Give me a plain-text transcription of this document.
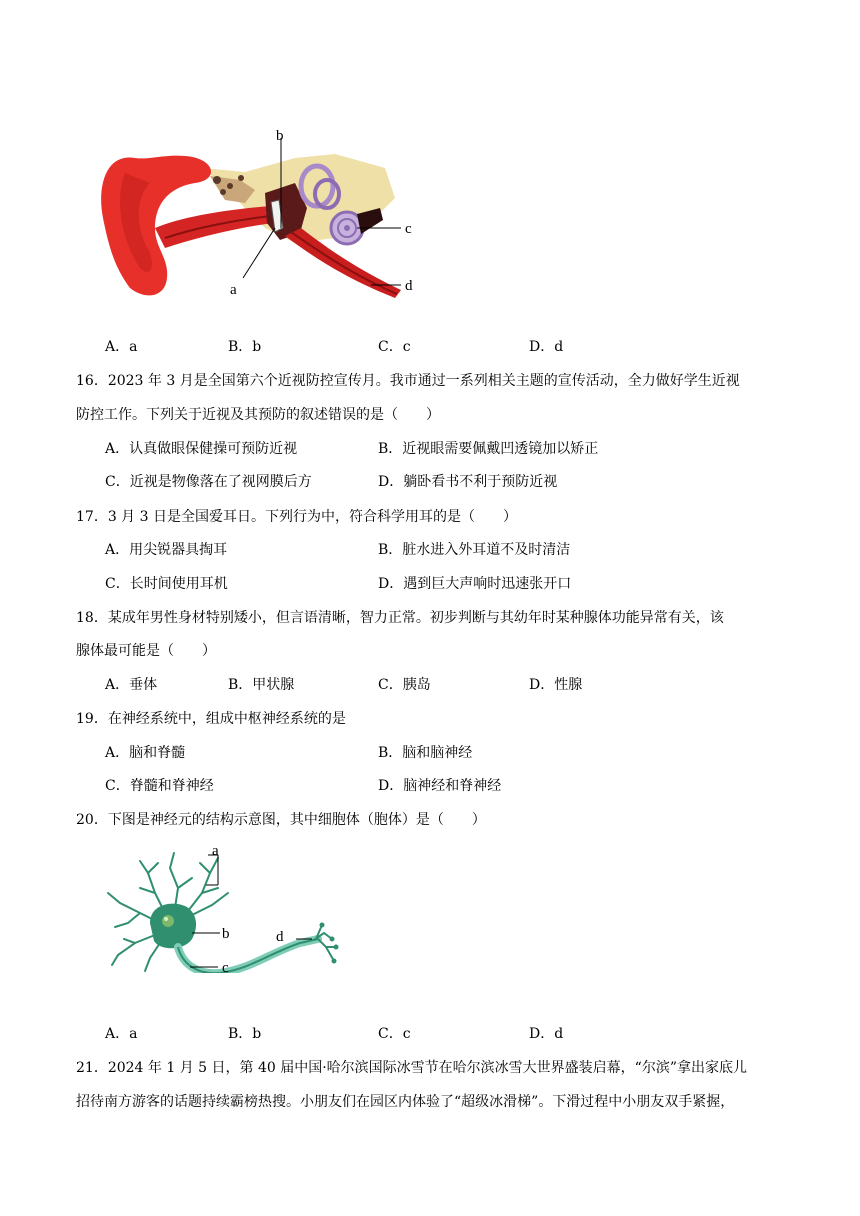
b
a
c
d
A．a	B．b	C．c	D．d
16．2023 年 3 月是全国第六个近视防控宣传月。我市通过一系列相关主题的宣传活动，全力做好学生近视
防控工作。下列关于近视及其预防的叙述错误的是（　　）
A．认真做眼保健操可预防近视	B．近视眼需要佩戴凹透镜加以矫正
C．近视是物像落在了视网膜后方	D．躺卧看书不利于预防近视
17．3 月 3 日是全国爱耳日。下列行为中，符合科学用耳的是（　　）
A．用尖锐器具掏耳	B．脏水进入外耳道不及时清洁
C．长时间使用耳机	D．遇到巨大声响时迅速张开口
18．某成年男性身材特别矮小，但言语清晰，智力正常。初步判断与其幼年时某种腺体功能异常有关，该
腺体最可能是（　　）
A．垂体	B．甲状腺	C．胰岛	D．性腺
19．在神经系统中，组成中枢神经系统的是
A．脑和脊髓	B．脑和脑神经
C．脊髓和脊神经	D．脑神经和脊神经
20．下图是神经元的结构示意图，其中细胞体（胞体）是（　　）
a
b
c
d
A．a	B．b	C．c	D．d
21．2024 年 1 月 5 日，第 40 届中国·哈尔滨国际冰雪节在哈尔滨冰雪大世界盛装启幕，“尔滨”拿出家底儿
招待南方游客的话题持续霸榜热搜。小朋友们在园区内体验了“超级冰滑梯”。下滑过程中小朋友双手紧握，
